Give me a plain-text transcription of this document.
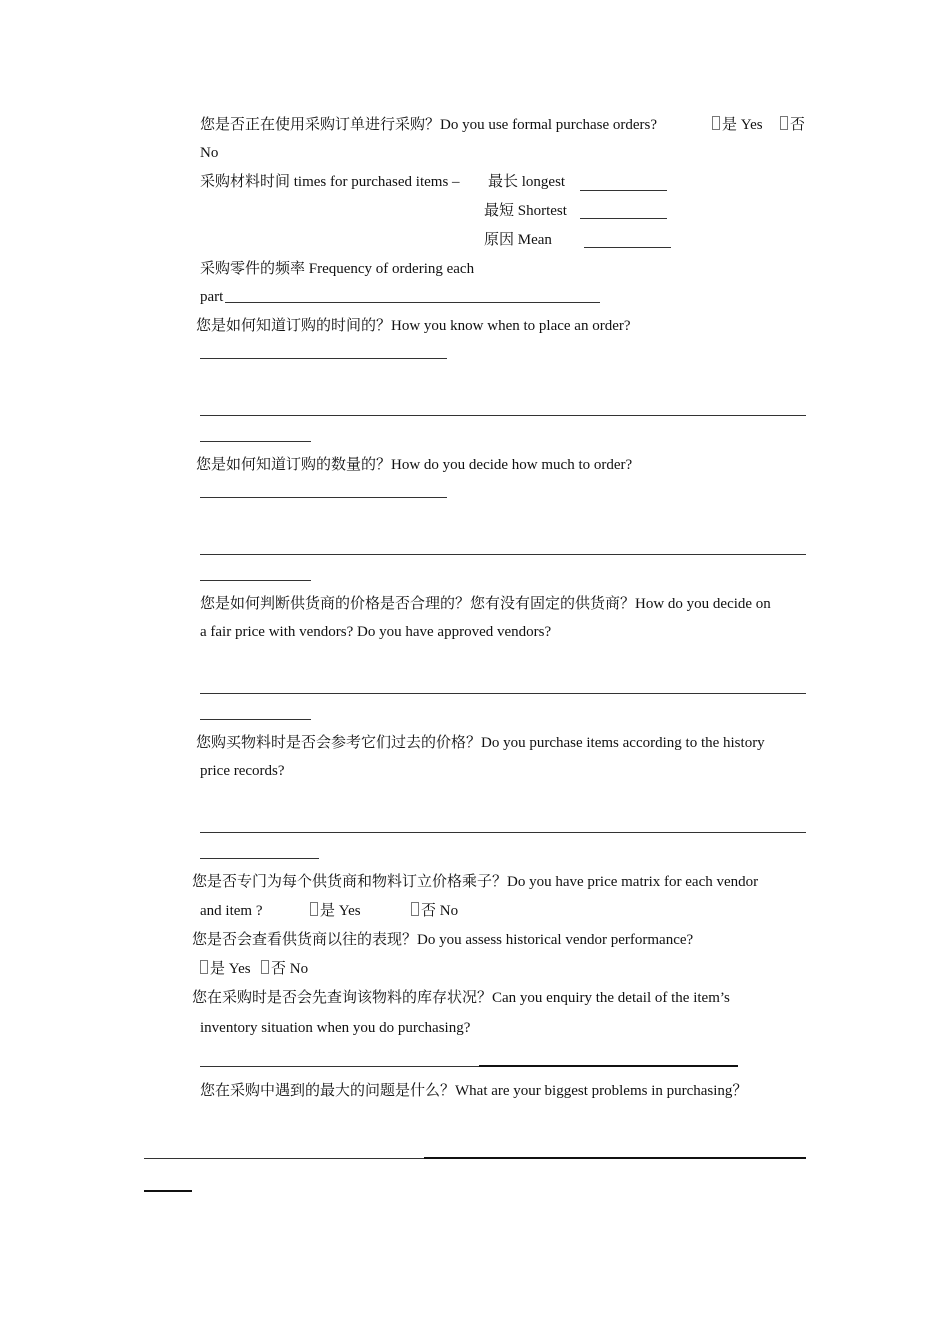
您是否正在使用采购订单进行采购？Do you use formal purchase orders?	是 Yes	否
No
采购材料时间 times for purchased items – 最长 longest
最短 Shortest
原因 Mean
采购零件的频率 Frequency of ordering each
part
您是如何知道订购的时间的？How you know when to place an order?
您是如何知道订购的数量的？How do you decide how much to order?
您是如何判断供货商的价格是否合理的？您有没有固定的供货商？How do you decide on
a fair price with vendors? Do you have approved vendors?
您购买物料时是否会参考它们过去的价格？Do you purchase items according to the history
price records?
您是否专门为每个供货商和物料订立价格乘子？Do you have price matrix for each vendor
and item ?	是 Yes	否 No
您是否会查看供货商以往的表现？Do you assess historical vendor performance?
是 Yes	否 No
您在采购时是否会先查询该物料的库存状况？Can you enquiry the detail of the item’s
inventory situation when you do purchasing?
您在采购中遇到的最大的问题是什么？What are your biggest problems in purchasing？
